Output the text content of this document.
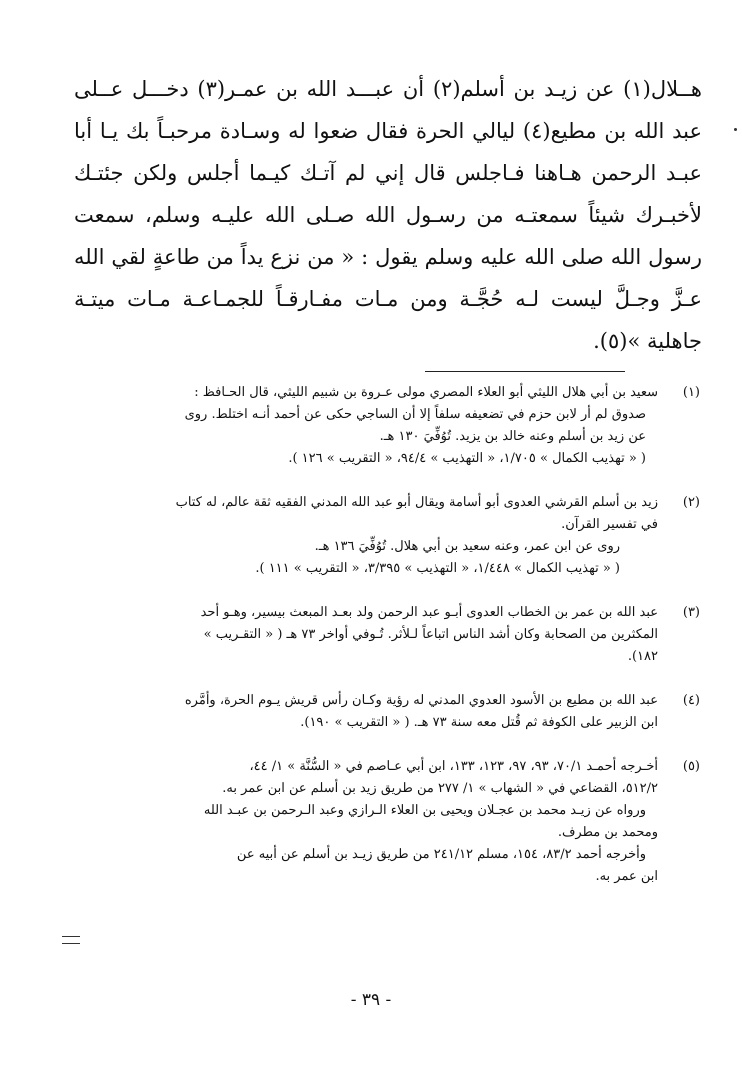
هــلال(١) عن زيـد بن أسلم(٢) أن عبـــد الله بن عمـر(٣) دخـــل عــلى
عبد الله بن مطيع(٤) ليالي الحرة فقال ضعوا له وسـادة مرحبـاً بك يـا أبا
عبـد الرحمن هـاهنا فـاجلس قال إني لم آتـك كيـما أجلس ولكن جئتـك
لأخبـرك شيئاً سمعتـه من رسـول الله صـلى الله عليـه وسلم، سمعت
رسول الله صلى الله عليه وسلم يقول : « من نزع يداً من طاعةٍ لقي الله
عـزَّ وجـلَّ ليست لـه حُجَّـة ومن مـات مفـارقـاً للجمـاعـة مـات ميتـة
جاهلية »(٥).
(١)
سعيد بن أبي هلال الليثي أبو العلاء المصري مولى عـروة بن شبيم الليثي، قال الحـافظ :
صدوق لم أر لابن حزم في تضعيفه سلفاً إلا أن الساجي حكى عن أحمد أنـه اختلط. روى
عن زيد بن أسلم وعنه خالد بن يزيد. تُوُفِّيَ ١٣٠ هـ.
( « تهذيب الكمال » ١/٧٠٥، « التهذيب » ٩٤/٤، « التقريب » ١٢٦ ).
(٢)
زيد بن أسلم القرشي العدوى أبو أسامة ويقال أبو عبد الله المدني الفقيه ثقة عالم، له كتاب
في تفسير القرآن.
روى عن ابن عمر، وعنه سعيد بن أبي هلال. تُوُفِّيَ ١٣٦ هـ.
( « تهذيب الكمال » ١/٤٤٨، « التهذيب » ٣/٣٩٥، « التقريب » ١١١ ).
(٣)
عبد الله بن عمر بن الخطاب العدوى أبـو عبد الرحمن ولد بعـد المبعث بيسير، وهـو أحد
المكثرين من الصحابة وكان أشد الناس اتباعاً لـلأثر. تُـوفي أواخر ٧٣ هـ ( « التقـريب »
١٨٢).
(٤)
عبد الله بن مطيع بن الأسود العدوي المدني له رؤية وكـان رأس قريش يـوم الحرة، وأمَّره
ابن الزبير على الكوفة ثم قُتل معه سنة ٧٣ هـ. ( « التقريب » ١٩٠).
(٥)
أخـرجه أحمـد ٧٠/١، ٩٣، ٩٧، ١٢٣، ١٣٣، ابن أبي عـاصم في « السُّنَّة » ١/ ٤٤،
٥١٢/٢، القضاعي في « الشهاب » ١/ ٢٧٧ من طريق زيد بن أسلم عن ابن عمر به.
ورواه عن زيـد محمد بن عجـلان ويحيى بن العلاء الـرازي وعبد الـرحمن بن عبـد الله
ومحمد بن مطرف.
وأخرجه أحمد ٨٣/٢، ١٥٤، مسلم ٢٤١/١٢ من طريق زيـد بن أسلم عن أبيه عن
ابن عمر به.
- ٣٩ -
